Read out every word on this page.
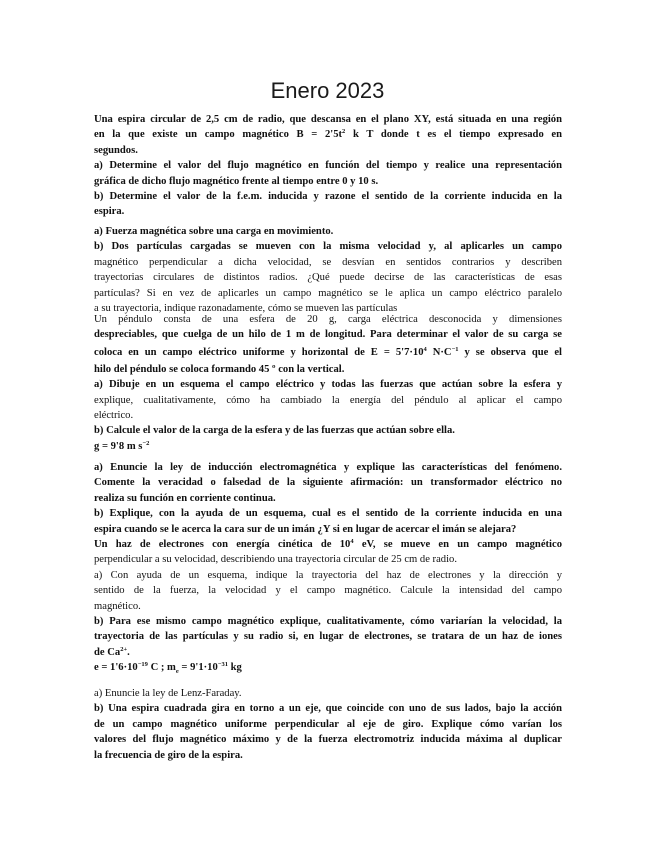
Enero 2023
Una espira circular de 2,5 cm de radio, que descansa en el plano XY, está situada en una región
en la que existe un campo magnético $B = 2'5t^2$ k T donde t es el tiempo expresado en
segundos.
a) Determine el valor del flujo magnético en función del tiempo y realice una representación
gráfica de dicho flujo magnético frente al tiempo entre 0 y 10 s.
b) Determine el valor de la f.e.m. inducida y razone el sentido de la corriente inducida en la
espira.
a) Fuerza magnética sobre una carga en movimiento.
b) Dos partículas cargadas se mueven con la misma velocidad y, al aplicarles un campo
magnético perpendicular a dicha velocidad, se desvían en sentidos contrarios y describen
trayectorias circulares de distintos radios. ¿Qué puede decirse de las características de esas
partículas? Si en vez de aplicarles un campo magnético se le aplica un campo eléctrico paralelo
a su trayectoria, indique razonadamente, cómo se mueven las partículas
Un péndulo consta de una esfera de 20 g, carga eléctrica desconocida y dimensiones
despreciables, que cuelga de un hilo de 1 m de longitud. Para determinar el valor de su carga se
coloca en un campo eléctrico uniforme y horizontal de $E = 5'7\cdot 10^4$ $N\cdot C^{-1}$ y se observa que el
hilo del péndulo se coloca formando 45 º con la vertical.
a) Dibuje en un esquema el campo eléctrico y todas las fuerzas que actúan sobre la esfera y
explique, cualitativamente, cómo ha cambiado la energía del péndulo al aplicar el campo
eléctrico.
b) Calcule el valor de la carga de la esfera y de las fuerzas que actúan sobre ella.
g = 9'8 m $s^{-2}$
a) Enuncie la ley de inducción electromagnética y explique las características del fenómeno.
Comente la veracidad o falsedad de la siguiente afirmación: un transformador eléctrico no
realiza su función en corriente continua.
b) Explique, con la ayuda de un esquema, cual es el sentido de la corriente inducida en una
espira cuando se le acerca la cara sur de un imán ¿Y si en lugar de acercar el imán se alejara?
Un haz de electrones con energía cinética de $10^4$ eV, se mueve en un campo magnético
perpendicular a su velocidad, describiendo una trayectoria circular de 25 cm de radio.
a) Con ayuda de un esquema, indique la trayectoria del haz de electrones y la dirección y
sentido de la fuerza, la velocidad y el campo magnético. Calcule la intensidad del campo
magnético.
b) Para ese mismo campo magnético explique, cualitativamente, cómo variarían la velocidad, la
trayectoria de las partículas y su radio si, en lugar de electrones, se tratara de un haz de iones
de $Ca^{2+}$.
$e = 1'6\cdot 10^{-19}$ C ; $m_e = 9'1\cdot 10^{-31}$ kg
a) Enuncie la ley de Lenz-Faraday.
b) Una espira cuadrada gira en torno a un eje, que coincide con uno de sus lados, bajo la acción
de un campo magnético uniforme perpendicular al eje de giro. Explique cómo varían los
valores del flujo magnético máximo y de la fuerza electromotriz inducida máxima al duplicar
la frecuencia de giro de la espira.
